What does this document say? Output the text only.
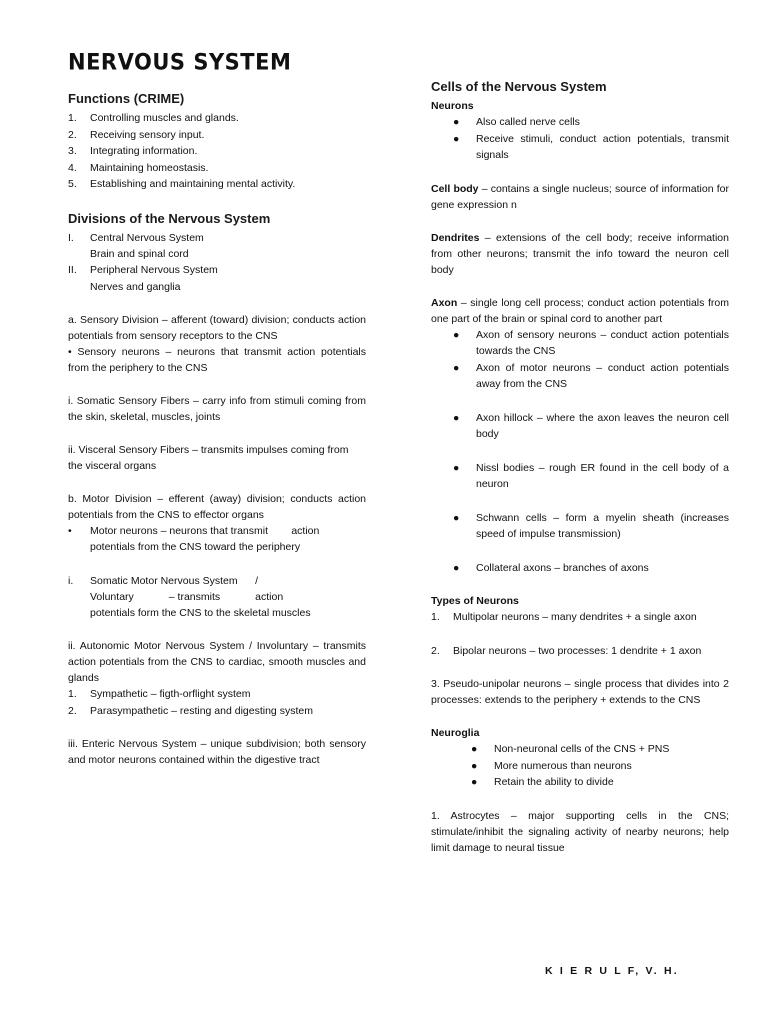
NERVOUS SYSTEM
Functions (CRIME)
1.	Controlling muscles and glands.
2.	Receiving sensory input.
3.	Integrating information.
4.	Maintaining homeostasis.
5.	Establishing and maintaining mental activity.
Divisions of the Nervous System
I.	Central Nervous System
Brain and spinal cord
II.	Peripheral Nervous System
Nerves and ganglia
a. Sensory Division – afferent (toward) division; conducts action potentials from sensory receptors to the CNS
• Sensory neurons – neurons that transmit action potentials from the periphery to the CNS
i. Somatic Sensory Fibers – carry info from stimuli coming from the skin, skeletal, muscles, joints
ii. Visceral Sensory Fibers – transmits impulses coming from
the visceral organs
b. Motor Division – efferent (away) division; conducts action potentials from the CNS to effector organs
•	Motor neurons – neurons that transmit        action potentials from the CNS toward the periphery
i.	Somatic Motor Nervous System      /
Voluntary            – transmits            action
potentials form the CNS to the skeletal muscles
ii. Autonomic Motor Nervous System / Involuntary – transmits action potentials from the CNS to cardiac, smooth muscles and glands
1.	Sympathetic – figth-orflight system
2.	Parasympathetic – resting and digesting system
iii. Enteric Nervous System – unique subdivision; both sensory and motor neurons contained within the digestive tract
Cells of the Nervous System
Neurons
●	Also called nerve cells
●	Receive stimuli, conduct action potentials, transmit signals
Cell body – contains a single nucleus; source of information for gene expression n
Dendrites – extensions of the cell body; receive information from other neurons; transmit the info toward the neuron cell body
Axon – single long cell process; conduct action potentials from one part of the brain or spinal cord to another part
●	Axon of sensory neurons – conduct action potentials towards the CNS
●	Axon of motor neurons – conduct action potentials away from the CNS
●	Axon hillock – where the axon leaves the neuron cell body
●	Nissl bodies – rough ER found in the cell body of a neuron
●	Schwann cells – form a myelin sheath (increases speed of impulse transmission)
●	Collateral axons – branches of axons
Types of Neurons
1.	Multipolar neurons – many dendrites + a single axon
2.	Bipolar neurons – two processes: 1 dendrite + 1 axon
3. Pseudo-unipolar neurons – single process that divides into 2 processes: extends to the periphery + extends to the CNS
Neuroglia
●	Non-neuronal cells of the CNS + PNS
●	More numerous than neurons
●	Retain the ability to divide
1. Astrocytes – major supporting cells in the CNS; stimulate/inhibit the signaling activity of nearby neurons; help limit damage to neural tissue
K I E R U L F, V. H.
